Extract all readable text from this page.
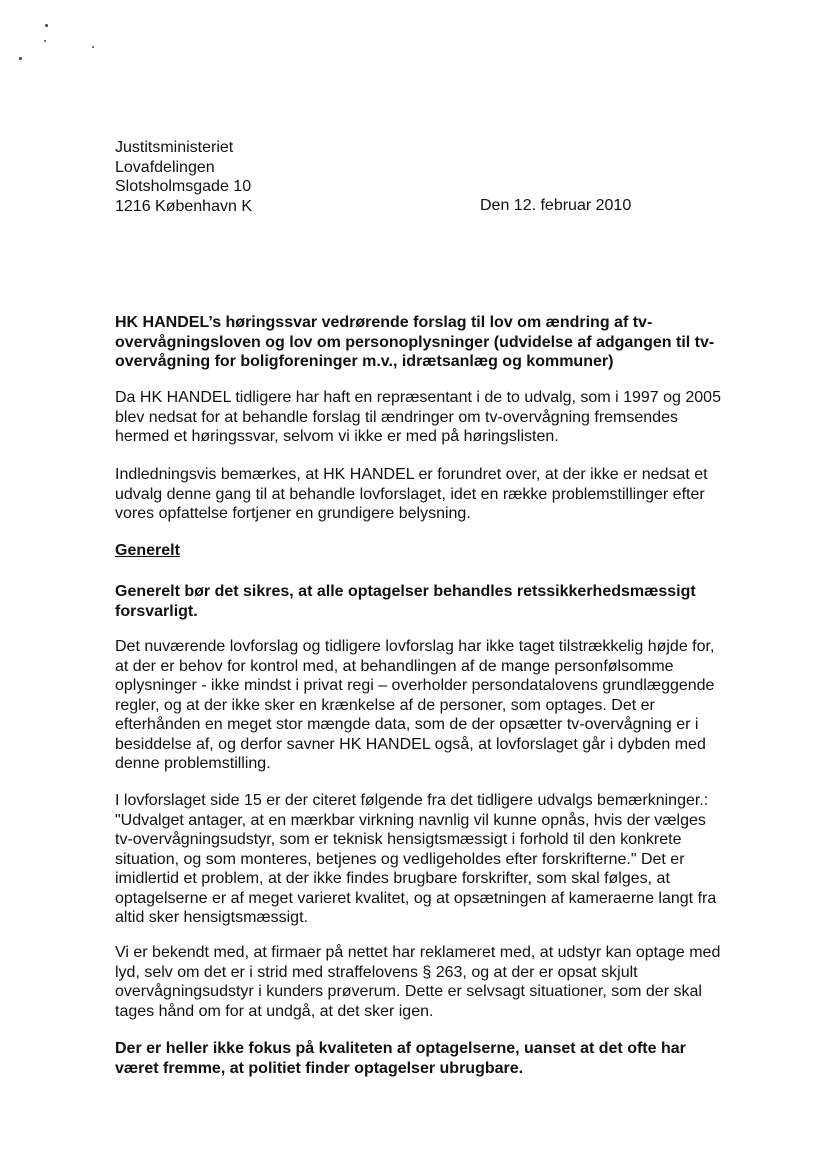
Justitsministeriet
Lovafdelingen
Slotsholmsgade 10
1216 København K	Den 12. februar 2010
HK HANDEL’s høringssvar vedrørende forslag til lov om ændring af tv-overvågningsloven og lov om personoplysninger (udvidelse af adgangen til tv-overvågning for boligforeninger m.v., idrætsanlæg og kommuner)
Da HK HANDEL tidligere har haft en repræsentant i de to udvalg, som i 1997 og 2005 blev nedsat for at behandle forslag til ændringer om tv-overvågning fremsendes hermed et høringssvar, selvom vi ikke er med på høringslisten.
Indledningsvis bemærkes, at HK HANDEL er forundret over, at der ikke er nedsat et udvalg denne gang til at behandle lovforslaget, idet en række problemstillinger efter vores opfattelse fortjener en grundigere belysning.
Generelt
Generelt bør det sikres, at alle optagelser behandles retssikkerhedsmæssigt forsvarligt.
Det nuværende lovforslag og tidligere lovforslag har ikke taget tilstrækkelig højde for, at der er behov for kontrol med, at behandlingen af de mange personfølsomme oplysninger - ikke mindst i privat regi – overholder persondatalovens grundlæggende regler, og at der ikke sker en krænkelse af de personer, som optages. Det er efterhånden en meget stor mængde data, som de der opsætter tv-overvågning er i besiddelse af, og derfor savner HK HANDEL også, at lovforslaget går i dybden med denne problemstilling.
I lovforslaget side 15 er der citeret følgende fra det tidligere udvalgs bemærkninger.: "Udvalget antager, at en mærkbar virkning navnlig vil kunne opnås, hvis der vælges tv-overvågningsudstyr, som er teknisk hensigtsmæssigt i forhold til den konkrete situation, og som monteres, betjenes og vedligeholdes efter forskrifterne." Det er imidlertid et problem, at der ikke findes brugbare forskrifter, som skal følges, at optagelserne er af meget varieret kvalitet, og at opsætningen af kameraerne langt fra altid sker hensigtsmæssigt.
Vi er bekendt med, at firmaer på nettet har reklameret med, at udstyr kan optage med lyd, selv om det er i strid med straffelovens § 263, og at der er opsat skjult overvågningsudstyr i kunders prøverum. Dette er selvsagt situationer, som der skal tages hånd om for at undgå, at det sker igen.
Der er heller ikke fokus på kvaliteten af optagelserne, uanset at det ofte har været fremme, at politiet finder optagelser ubrugbare.
